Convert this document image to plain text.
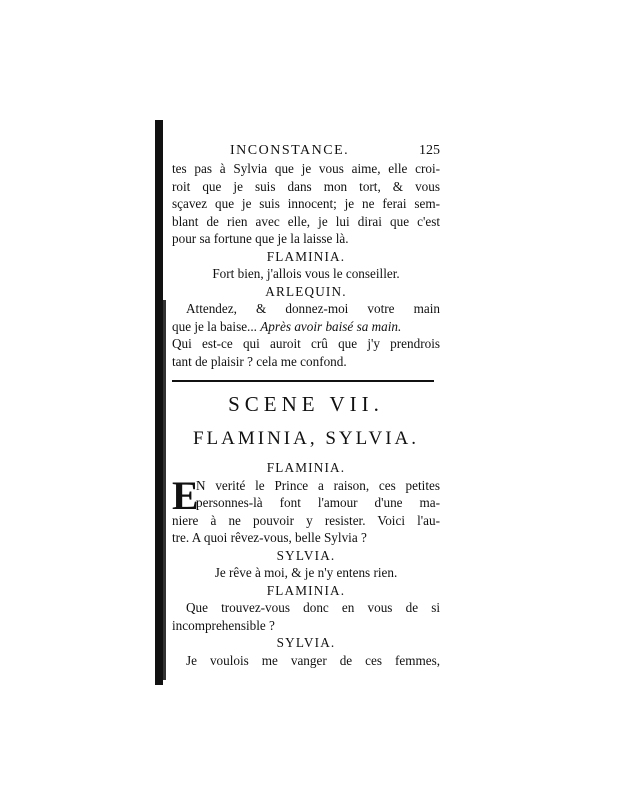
INCONSTANCE.	125
tes pas à Sylvia que je vous aime, elle croi-
roit que je suis dans mon tort, & vous
sçavez que je suis innocent; je ne ferai sem-
blant de rien avec elle, je lui dirai que c'est
pour sa fortune que je la laisse là.
FLAMINIA.
Fort bien, j'allois vous le conseiller.
ARLEQUIN.
Attendez, & donnez-moi votre main
que je la baise... Après avoir baisé sa main.
Qui est-ce qui auroit crû que j'y prendrois
tant de plaisir ? cela me confond.
SCENE VII.
FLAMINIA, SYLVIA.
FLAMINIA.
E
N verité le Prince a raison, ces petites
personnes-là font l'amour d'une ma-
niere à ne pouvoir y resister. Voici l'au-
tre. A quoi rêvez-vous, belle Sylvia ?
SYLVIA.
Je rêve à moi, & je n'y entens rien.
FLAMINIA.
Que trouvez-vous donc en vous de si
incomprehensible ?
SYLVIA.
Je voulois me vanger de ces femmes,
